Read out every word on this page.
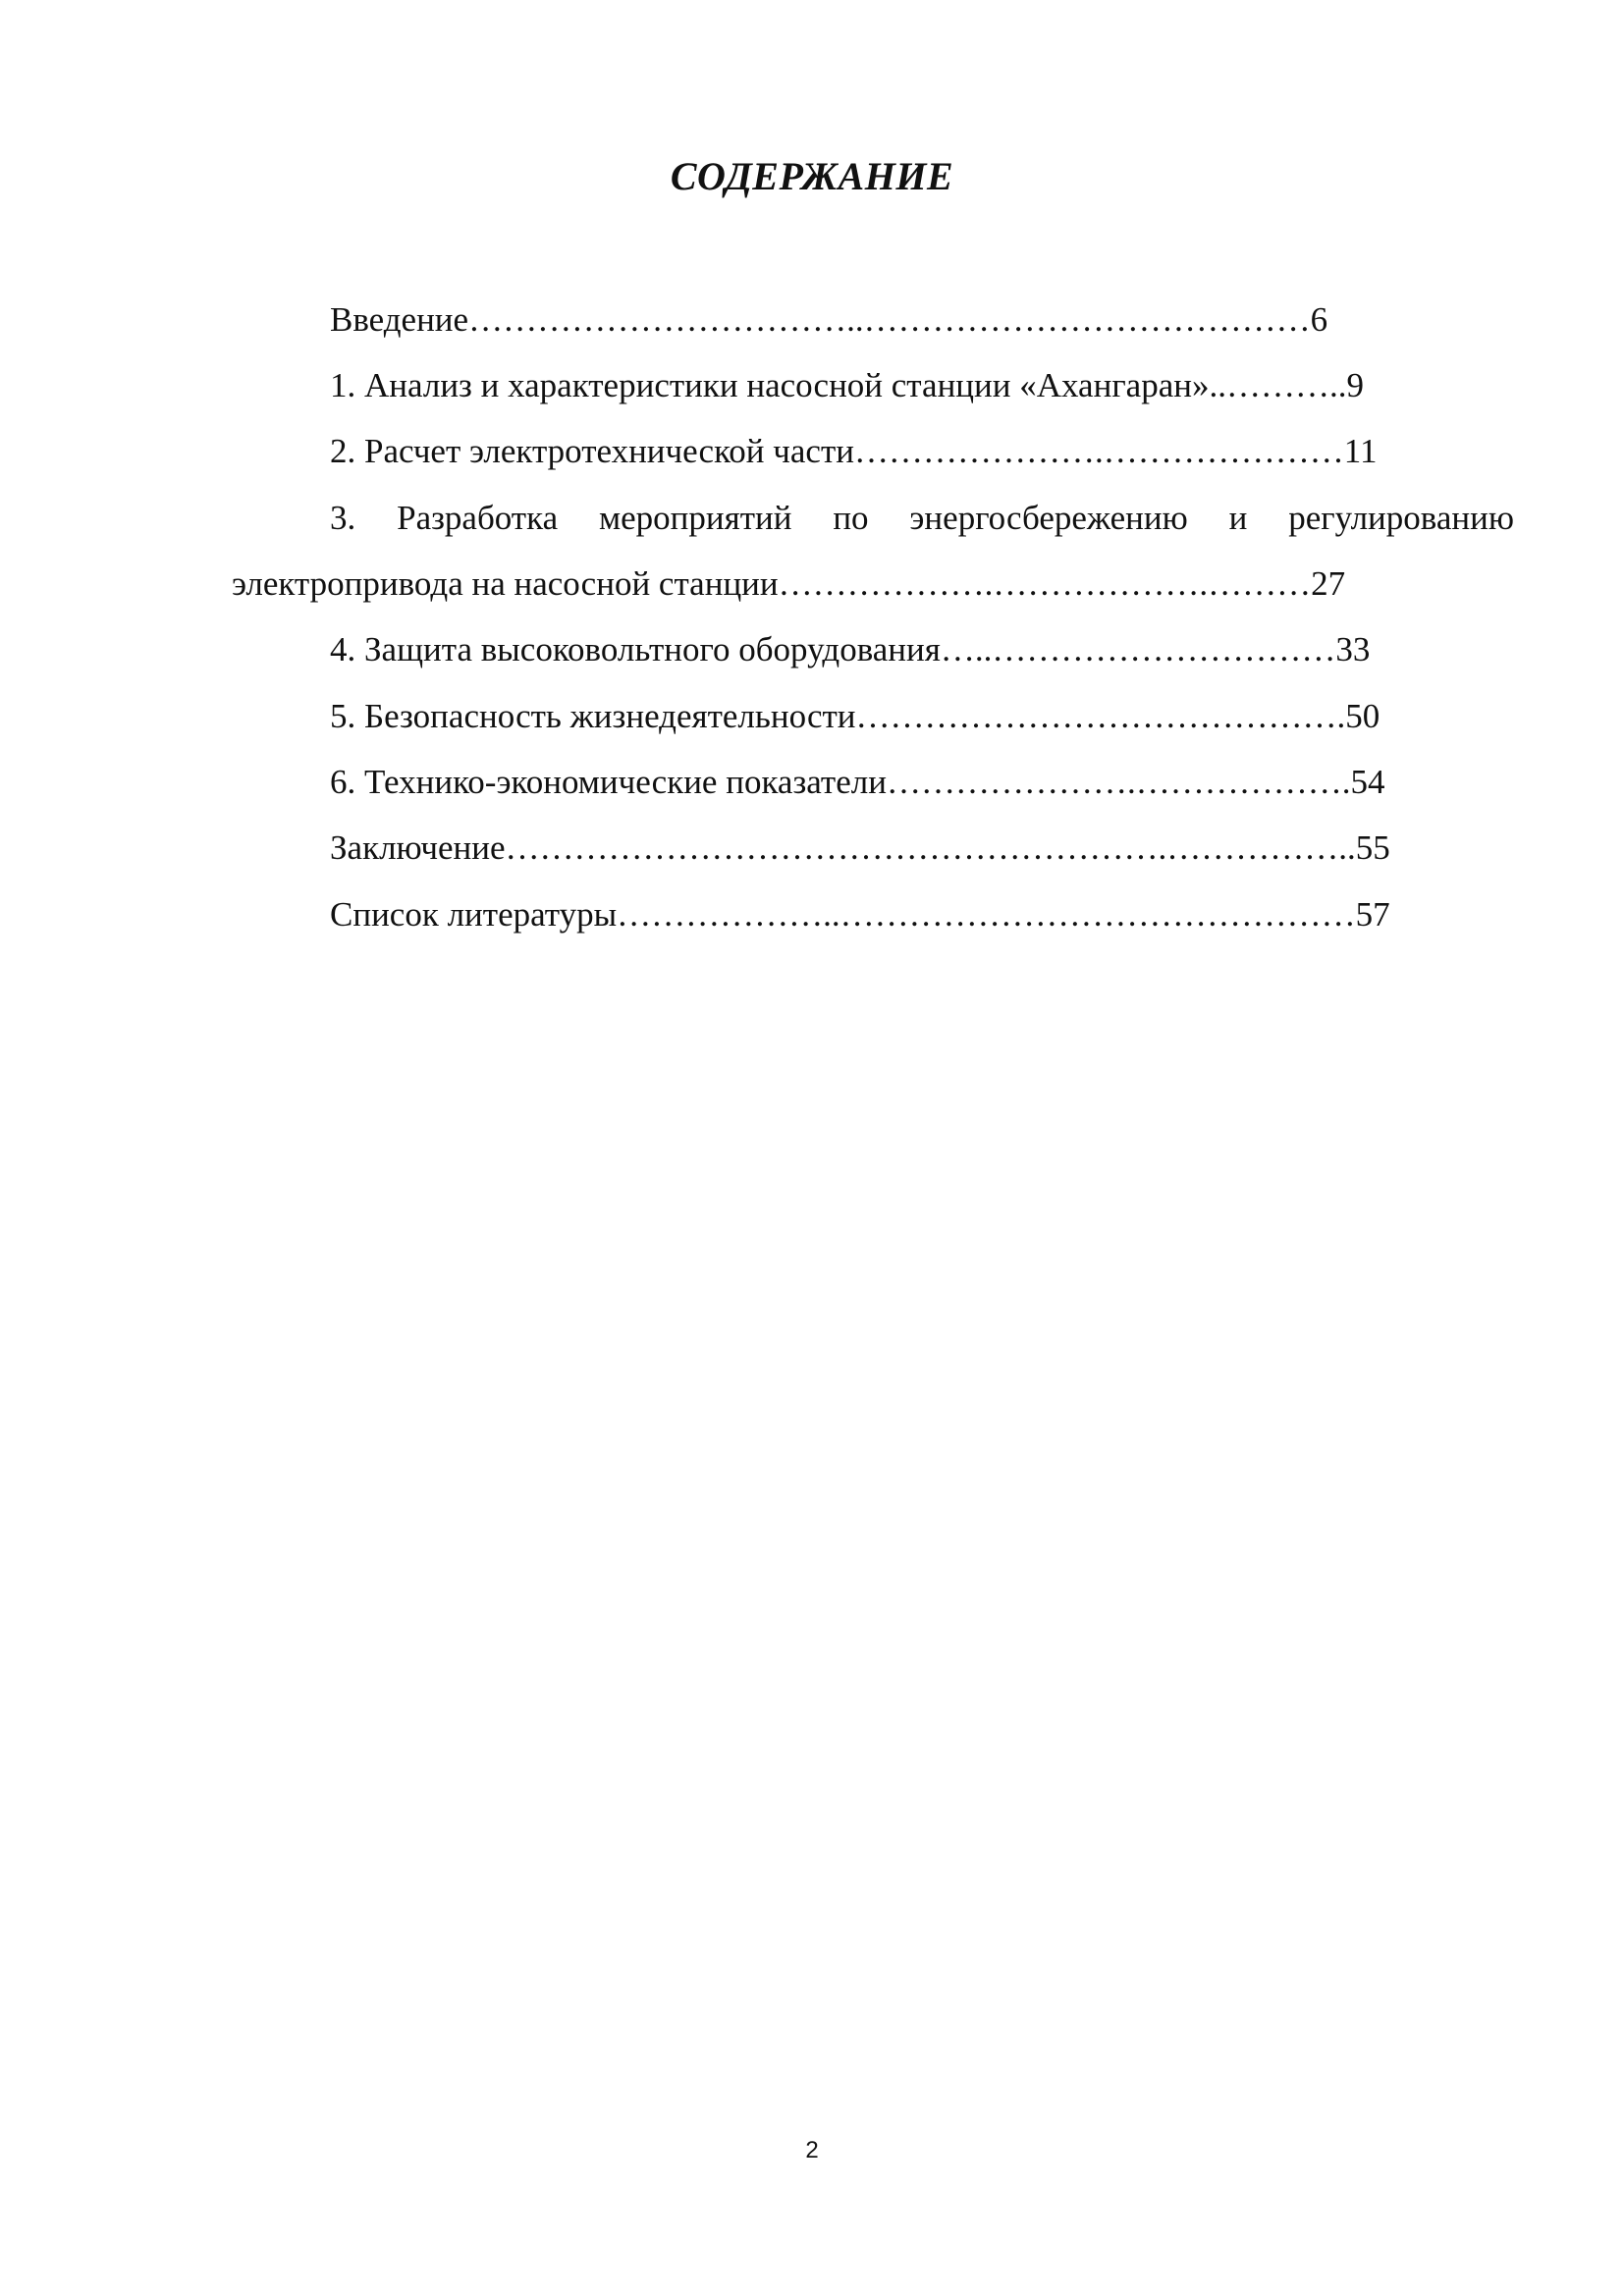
СОДЕРЖАНИЕ
Введение……………………………..…………………………………6
1. Анализ и характеристики насосной станции «Ахангаран»..………..9
2. Расчет электротехнической части………………….…………………11
3. Разработка мероприятий по энергосбережению и регулированию
электропривода на насосной станции……………….……………….………27
4. Защита высоковольтного оборудования…..…………………………33
5. Безопасность жизнедеятельности…………………………………….50
6. Технико-экономические показатели………………….……………….54
Заключение………………………………………………….……………..55
Список литературы………………..………………………………………57
2
